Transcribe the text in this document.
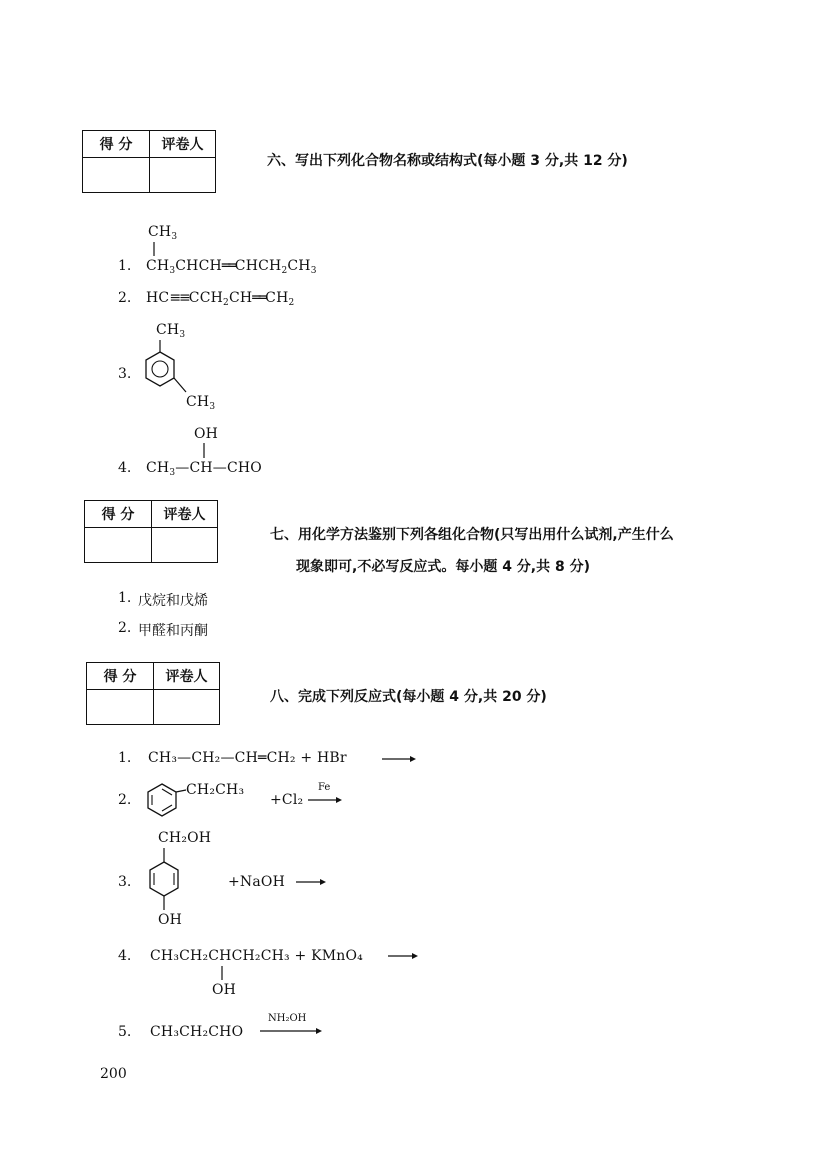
得 分	评卷人

六、写出下列化合物名称或结构式(每小题 3 分,共 12 分)
$CH_3$
1. $CH_3CHCH══CHCH_2CH_3$
2. $HC\equiv\equiv CCH_2CH══CH_2$
$CH_3$
3.
$CH_3$
OH
4. $CH_3—CH—CHO$
得 分	评卷人

七、用化学方法鉴别下列各组化合物(只写出用什么试剂,产生什么
现象即可,不必写反应式。每小题 4 分,共 8 分)
1. 戊烷和戊烯
2. 甲醛和丙酮
得 分	评卷人

八、完成下列反应式(每小题 4 分,共 20 分)
1. CH₃—CH₂—CH═CH₂ + HBr
2.
CH₂CH₃
+Cl₂
Fe
CH₂OH
3.
OH
+NaOH
4. CH₃CH₂CHCH₂CH₃ + KMnO₄
OH
5. CH₃CH₂CHO
NH₂OH
200
